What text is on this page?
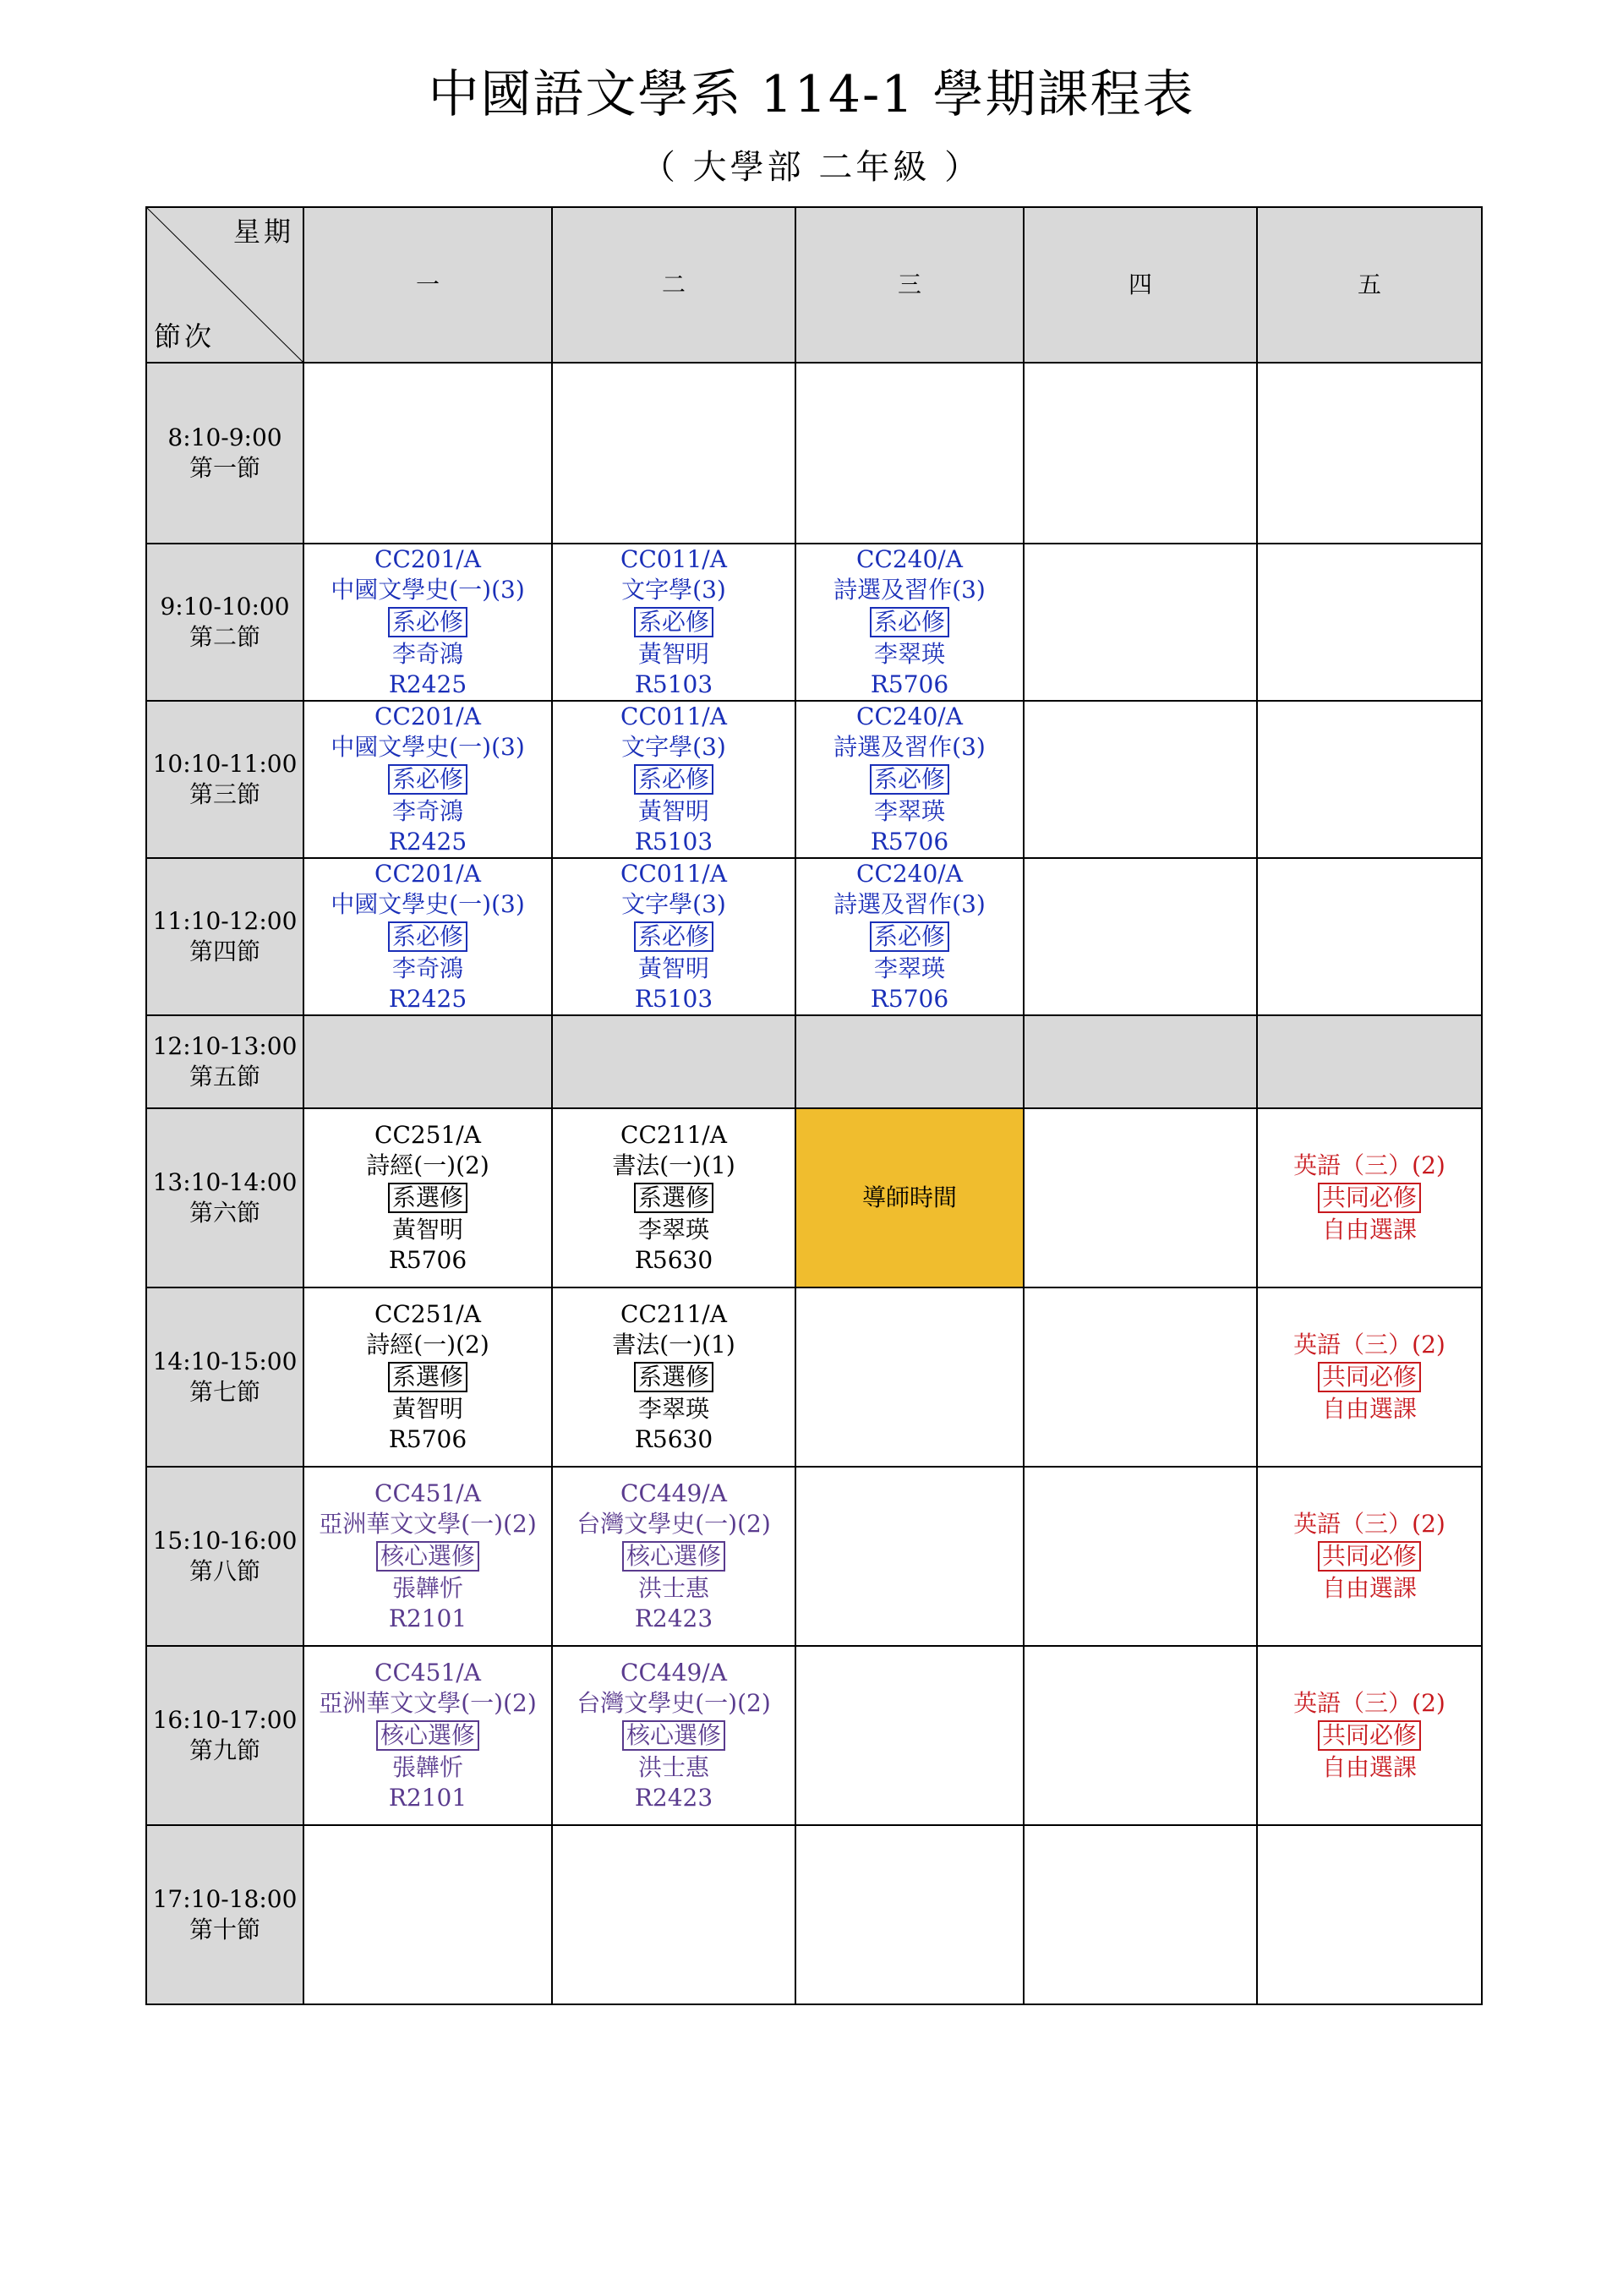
中國語文學系 114-1 學期課程表
（ 大學部 二年級 ）
星期
節次	一	二	三	四	五

8:10-9:00
第一節					

9:10-10:00
第二節	CC201/A
中國文學史(一)(3)
系必修
李奇鴻
R2425	CC011/A
文字學(3)
系必修
黃智明
R5103	CC240/A
詩選及習作(3)
系必修
李翠瑛
R5706		

10:10-11:00
第三節	CC201/A
中國文學史(一)(3)
系必修
李奇鴻
R2425	CC011/A
文字學(3)
系必修
黃智明
R5103	CC240/A
詩選及習作(3)
系必修
李翠瑛
R5706		

11:10-12:00
第四節	CC201/A
中國文學史(一)(3)
系必修
李奇鴻
R2425	CC011/A
文字學(3)
系必修
黃智明
R5103	CC240/A
詩選及習作(3)
系必修
李翠瑛
R5706		

12:10-13:00
第五節					

13:10-14:00
第六節	CC251/A
詩經(一)(2)
系選修
黃智明
R5706	CC211/A
書法(一)(1)
系選修
李翠瑛
R5630	導師時間		英語（三）(2)
共同必修
自由選課

14:10-15:00
第七節	CC251/A
詩經(一)(2)
系選修
黃智明
R5706	CC211/A
書法(一)(1)
系選修
李翠瑛
R5630			英語（三）(2)
共同必修
自由選課

15:10-16:00
第八節	CC451/A
亞洲華文文學(一)(2)
核心選修
張韡忻
R2101	CC449/A
台灣文學史(一)(2)
核心選修
洪士惠
R2423			英語（三）(2)
共同必修
自由選課

16:10-17:00
第九節	CC451/A
亞洲華文文學(一)(2)
核心選修
張韡忻
R2101	CC449/A
台灣文學史(一)(2)
核心選修
洪士惠
R2423			英語（三）(2)
共同必修
自由選課

17:10-18:00
第十節					
